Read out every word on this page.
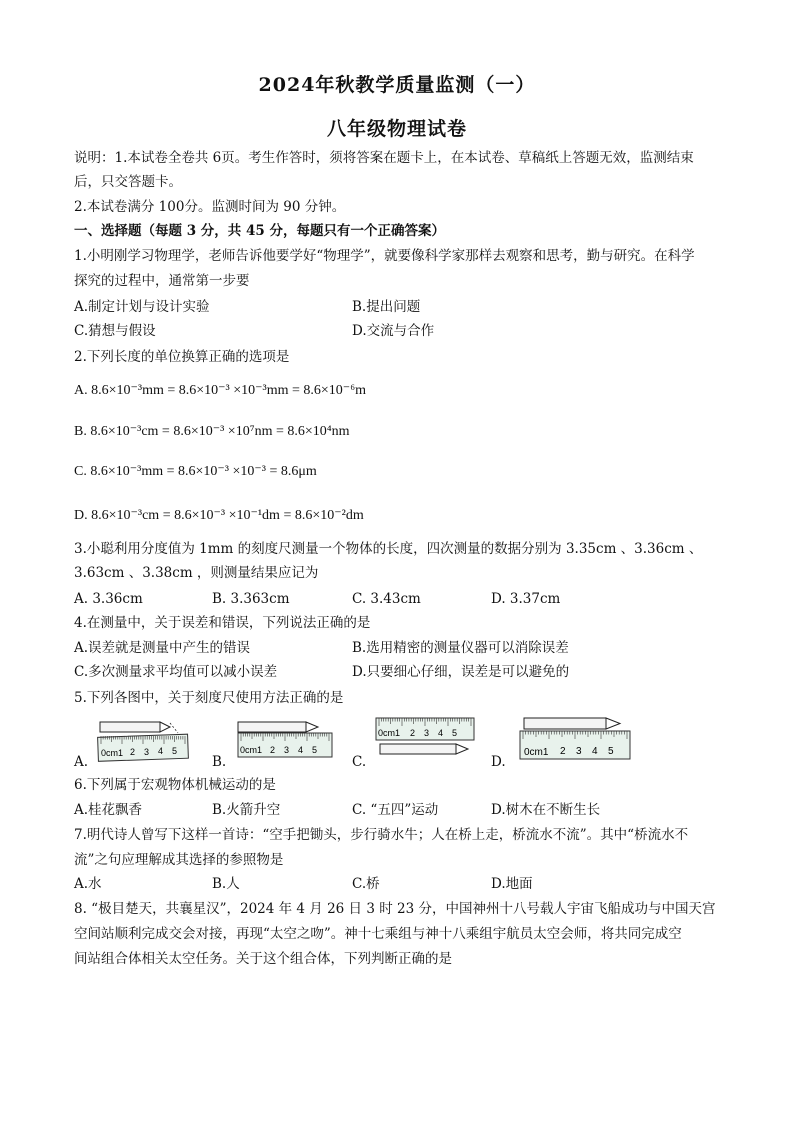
2024年秋教学质量监测（一）
八年级物理试卷
说明：1.本试卷全卷共 6页。考生作答时，须将答案在题卡上，在本试卷、草稿纸上答题无效，监测结束
后，只交答题卡。
2.本试卷满分 100分。监测时间为 90 分钟。
一、选择题（每题 3 分，共 45 分，每题只有一个正确答案）
1.小明刚学习物理学，老师告诉他要学好“物理学”，就要像科学家那样去观察和思考，勤与研究。在科学
探究的过程中，通常第一步要
A.制定计划与设计实验	B.提出问题
C.猜想与假设	D.交流与合作
2.下列长度的单位换算正确的选项是
A. 8.6×10⁻³mm = 8.6×10⁻³ ×10⁻³mm = 8.6×10⁻⁶m
B. 8.6×10⁻³cm = 8.6×10⁻³ ×10⁷nm = 8.6×10⁴nm
C. 8.6×10⁻³mm = 8.6×10⁻³ ×10⁻³ = 8.6μm
D. 8.6×10⁻³cm = 8.6×10⁻³ ×10⁻¹dm = 8.6×10⁻²dm
3.小聪利用分度值为 1mm 的刻度尺测量一个物体的长度，四次测量的数据分别为 3.35cm 、3.36cm 、
3.63cm 、3.38cm ，则测量结果应记为
A. 3.36cm	B. 3.363cm	C. 3.43cm	D. 3.37cm
4.在测量中，关于误差和错误，下列说法正确的是
A.误差就是测量中产生的错误	B.选用精密的测量仪器可以消除误差
C.多次测量求平均值可以减小误差	D.只要细心仔细，误差是可以避免的
5.下列各图中，关于刻度尺使用方法正确的是
0cm1 2 3 4 5
A.
0cm1 2 3 4 5
B.
0cm1 2 3 4 5
C.
0cm1 2 3 4 5
D.
6.下列属于宏观物体机械运动的是
A.桂花飘香	B.火箭升空	C. “五四”运动	D.树木在不断生长
7.明代诗人曾写下这样一首诗：“空手把锄头，步行骑水牛；人在桥上走，桥流水不流”。其中“桥流水不
流”之句应理解成其选择的参照物是
A.水	B.人	C.桥	D.地面
8. “极目楚天，共襄星汉”，2024 年 4 月 26 日 3 时 23 分，中国神州十八号载人宇宙飞船成功与中国天宫
空间站顺利完成交会对接，再现“太空之吻”。神十七乘组与神十八乘组宇航员太空会师，将共同完成空
间站组合体相关太空任务。关于这个组合体，下列判断正确的是
